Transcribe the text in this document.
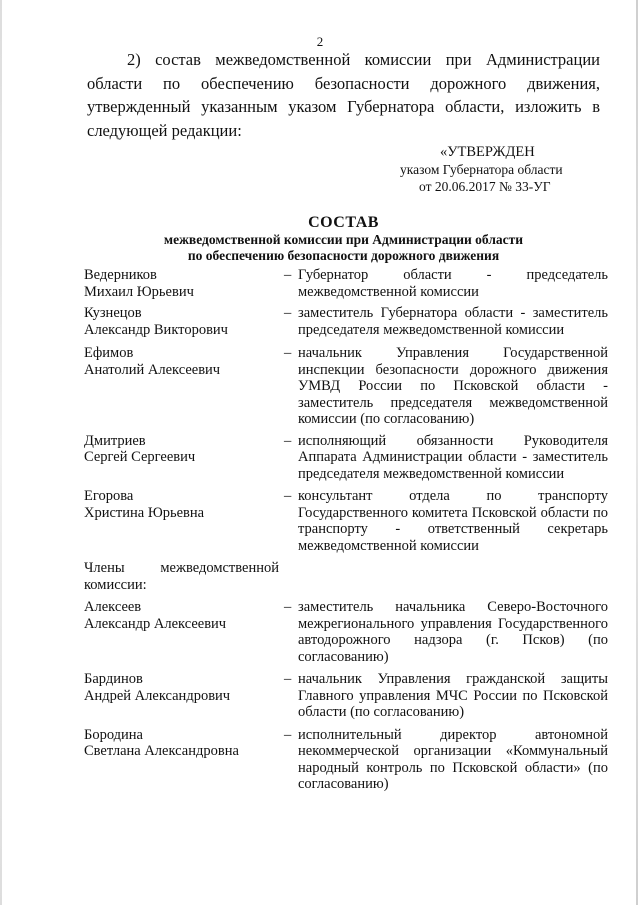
2

2) состав межведомственной комиссии при Администрации области по обеспечению безопасности дорожного движения, утвержденный указанным указом Губернатора области, изложить в следующей редакции:

«УТВЕРЖДЕН
указом Губернатора области
от 20.06.2017 № 33-УГ
СОСТАВ
межведомственной комиссии при Администрации области
по обеспечению безопасности дорожного движения
Ведерников
Михаил Юрьевич
– Губернатор области - председатель межведомственной комиссии
Кузнецов
Александр Викторович
– заместитель Губернатора области - заместитель председателя межведомственной комиссии
Ефимов
Анатолий Алексеевич
– начальник Управления Государственной инспекции безопасности дорожного движения УМВД России по Псковской области - заместитель председателя межведомственной комиссии (по согласованию)
Дмитриев
Сергей Сергеевич
– исполняющий обязанности Руководителя Аппарата Администрации области - заместитель председателя межведомственной комиссии
Егорова
Христина Юрьевна
– консультант отдела по транспорту Государственного комитета Псковской области по транспорту - ответственный секретарь межведомственной комиссии
Члены межведомственной комиссии:
Алексеев
Александр Алексеевич
– заместитель начальника Северо-Восточного межрегионального управления Государственного автодорожного надзора (г. Псков) (по согласованию)
Бардинов
Андрей Александрович
– начальник Управления гражданской защиты Главного управления МЧС России по Псковской области (по согласованию)
Бородина
Светлана Александровна
– исполнительный директор автономной некоммерческой организации «Коммунальный народный контроль по Псковской области» (по согласованию)
